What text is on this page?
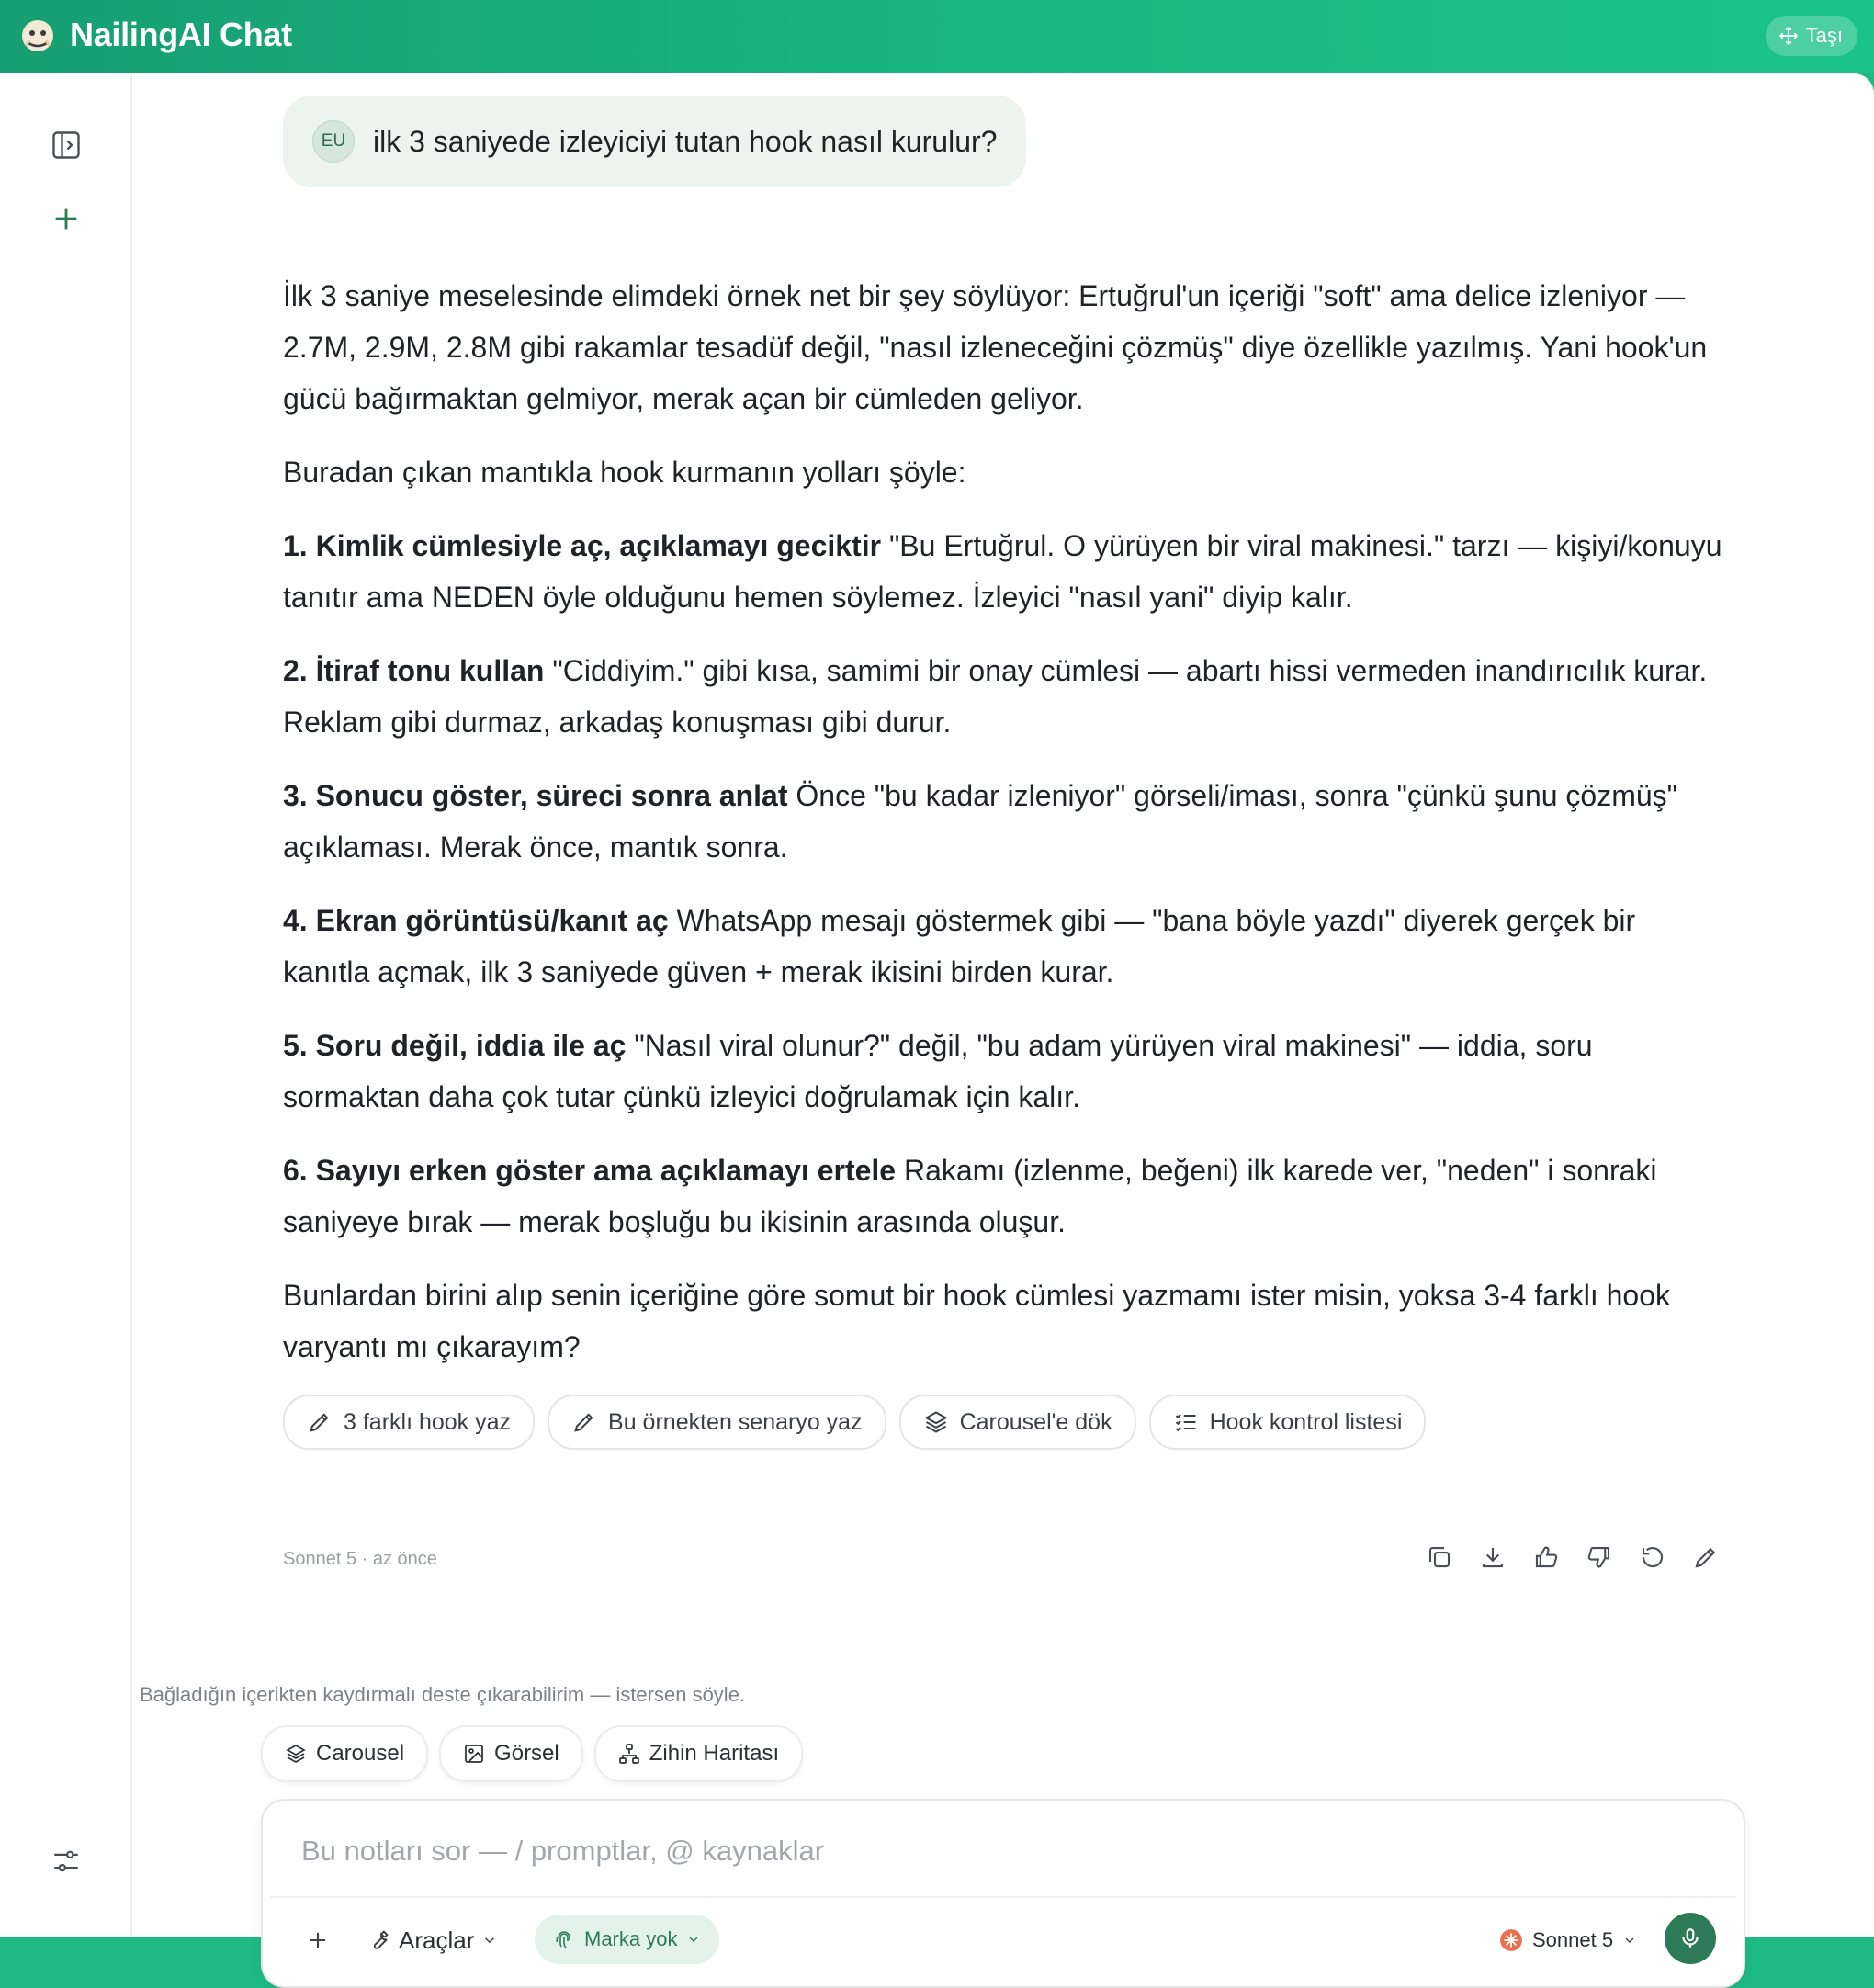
NailingAI Chat	Taşı
EU ilk 3 saniyede izleyiciyi tutan hook nasıl kurulur?

İlk 3 saniye meselesinde elimdeki örnek net bir şey söylüyor: Ertuğrul'un içeriği "soft" ama delice izleniyor — 2.7M, 2.9M, 2.8M gibi rakamlar tesadüf değil, "nasıl izleneceğini çözmüş" diye özellikle yazılmış. Yani hook'un gücü bağırmaktan gelmiyor, merak açan bir cümleden geliyor.

Buradan çıkan mantıkla hook kurmanın yolları şöyle:

1. Kimlik cümlesiyle aç, açıklamayı geciktir "Bu Ertuğrul. O yürüyen bir viral makinesi." tarzı — kişiyi/konuyu tanıtır ama NEDEN öyle olduğunu hemen söylemez. İzleyici "nasıl yani" diyip kalır.

2. İtiraf tonu kullan "Ciddiyim." gibi kısa, samimi bir onay cümlesi — abartı hissi vermeden inandırıcılık kurar. Reklam gibi durmaz, arkadaş konuşması gibi durur.

3. Sonucu göster, süreci sonra anlat Önce "bu kadar izleniyor" görseli/iması, sonra "çünkü şunu çözmüş" açıklaması. Merak önce, mantık sonra.

4. Ekran görüntüsü/kanıt aç WhatsApp mesajı göstermek gibi — "bana böyle yazdı" diyerek gerçek bir kanıtla açmak, ilk 3 saniyede güven + merak ikisini birden kurar.

5. Soru değil, iddia ile aç "Nasıl viral olunur?" değil, "bu adam yürüyen viral makinesi" — iddia, soru sormaktan daha çok tutar çünkü izleyici doğrulamak için kalır.

6. Sayıyı erken göster ama açıklamayı ertele Rakamı (izlenme, beğeni) ilk karede ver, "neden" i sonraki saniyeye bırak — merak boşluğu bu ikisinin arasında oluşur.

Bunlardan birini alıp senin içeriğine göre somut bir hook cümlesi yazmamı ister misin, yoksa 3-4 farklı hook varyantı mı çıkarayım?

3 farklı hook yaz	Bu örnekten senaryo yaz	Carousel'e dök	Hook kontrol listesi
Sonnet 5 · az önce
Bağladığın içerikten kaydırmalı deste çıkarabilirim — istersen söyle.
Carousel	Görsel	Zihin Haritası
Bu notları sor — / promptlar, @ kaynaklar
Araçlar	Marka yok	Sonnet 5
